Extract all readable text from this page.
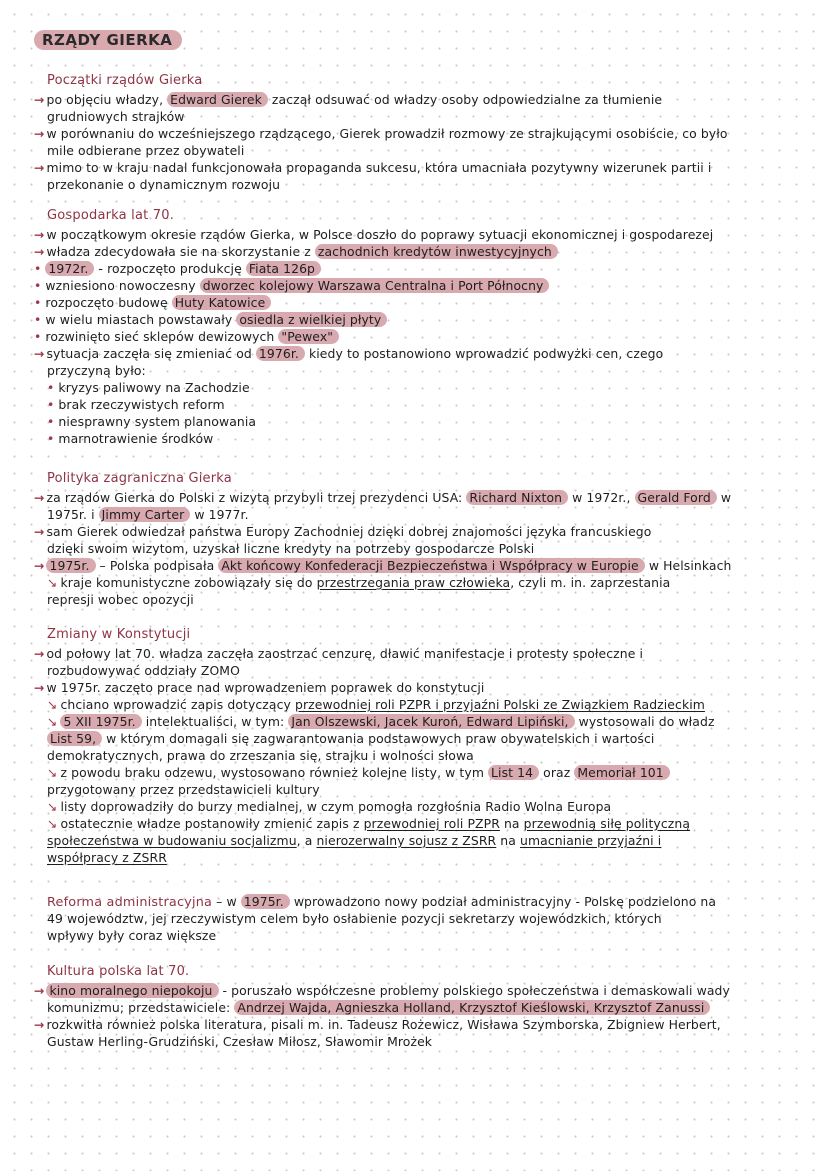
RZĄDY GIERKA
Początki rządów Gierka
→ po objęciu władzy, Edward Gierek zaczął odsuwać od władzy osoby odpowiedzialne za tłumienie
grudniowych strajków
→ w porównaniu do wcześniejszego rządzącego, Gierek prowadził rozmowy ze strajkującymi osobiście, co było
mile odbierane przez obywateli
→ mimo to w kraju nadal funkcjonowała propaganda sukcesu, która umacniała pozytywny wizerunek partii i
przekonanie o dynamicznym rozwoju
Gospodarka lat 70.
→ w początkowym okresie rządów Gierka, w Polsce doszło do poprawy sytuacji ekonomicznej i gospodarezej
→ władza zdecydowała sie na skorzystanie z zachodnich kredytów inwestycyjnych
• 1972r. - rozpoczęto produkcję Fiata 126p
• wzniesiono nowoczesny dworzec kolejowy Warszawa Centralna i Port Północny
• rozpoczęto budowę Huty Katowice
• w wielu miastach powstawały osiedla z wielkiej płyty
• rozwinięto sieć sklepów dewizowych "Pewex"
→ sytuacja zaczęła się zmieniać od 1976r. kiedy to postanowiono wprowadzić podwyżki cen, czego
przyczyną było:
• kryzys paliwowy na Zachodzie
• brak rzeczywistych reform
• niesprawny system planowania
• marnotrawienie środków
Polityka zagraniczna Gierka
→ za rządów Gierka do Polski z wizytą przybyli trzej prezydenci USA: Richard Nixton w 1972r., Gerald Ford w
1975r. i Jimmy Carter w 1977r.
→ sam Gierek odwiedzał państwa Europy Zachodniej dzięki dobrej znajomości języka francuskiego
dzięki swoim wizytom, uzyskał liczne kredyty na potrzeby gospodarcze Polski
→ 1975r. – Polska podpisała Akt końcowy Konfederacji Bezpieczeństwa i Współpracy w Europie w Helsinkach
↘ kraje komunistyczne zobowiązały się do przestrzegania praw człowieka, czyli m. in. zaprzestania
represji wobec opozycji
Zmiany w Konstytucji
→ od połowy lat 70. władza zaczęła zaostrzać cenzurę, dławić manifestacje i protesty społeczne i
rozbudowywać oddziały ZOMO
→ w 1975r. zaczęto prace nad wprowadzeniem poprawek do konstytucji
↘ chciano wprowadzić zapis dotyczący przewodniej roli PZPR i przyjaźni Polski ze Związkiem Radzieckim
↘ 5 XII 1975r. intelektualiści, w tym: Jan Olszewski, Jacek Kuroń, Edward Lipiński, wystosowali do władz
List 59, w którym domagali się zagwarantowania podstawowych praw obywatelskich i wartości
demokratycznych, prawa do zrzeszania się, strajku i wolności słowa
↘ z powodu braku odzewu, wystosowano również kolejne listy, w tym List 14 oraz Memoriał 101
przygotowany przez przedstawicieli kultury
↘ listy doprowadziły do burzy medialnej, w czym pomogła rozgłośnia Radio Wolna Europa
↘ ostatecznie władze postanowiły zmienić zapis z przewodniej roli PZPR na przewodnią siłę polityczną
społeczeństwa w budowaniu socjalizmu, a nierozerwalny sojusz z ZSRR na umacnianie przyjaźni i
współpracy z ZSRR
Reforma administracyjna – w 1975r. wprowadzono nowy podział administracyjny - Polskę podzielono na
49 województw, jej rzeczywistym celem było osłabienie pozycji sekretarzy wojewódzkich, których
wpływy były coraz większe
Kultura polska lat 70.
→ kino moralnego niepokoju - poruszało współczesne problemy polskiego społeczeństwa i demaskowali wady
komunizmu; przedstawiciele: Andrzej Wajda, Agnieszka Holland, Krzysztof Kieślowski, Krzysztof Zanussi
→ rozkwitła również polska literatura, pisali m. in. Tadeusz Rożewicz, Wisława Szymborska, Zbigniew Herbert,
Gustaw Herling-Grudziński, Czesław Miłosz, Sławomir Mrożek
